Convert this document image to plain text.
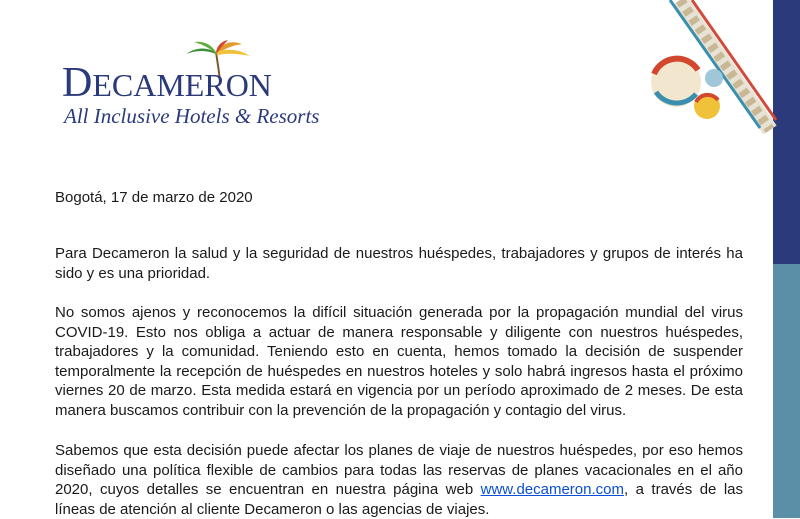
DECAMERON
All Inclusive Hotels & Resorts
Bogotá, 17 de marzo de 2020
Para Decameron la salud y la seguridad de nuestros huéspedes, trabajadores y grupos de interés ha sido y es una prioridad.
No somos ajenos y reconocemos la difícil situación generada por la propagación mundial del virus COVID-19. Esto nos obliga a actuar de manera responsable y diligente con nuestros huéspedes, trabajadores y la comunidad. Teniendo esto en cuenta, hemos tomado la decisión de suspender temporalmente la recepción de huéspedes en nuestros hoteles y solo habrá ingresos hasta el próximo viernes 20 de marzo. Esta medida estará en vigencia por un período aproximado de 2 meses. De esta manera buscamos contribuir con la prevención de la propagación y contagio del virus.
Sabemos que esta decisión puede afectar los planes de viaje de nuestros huéspedes, por eso hemos diseñado una política flexible de cambios para todas las reservas de planes vacacionales en el año 2020, cuyos detalles se encuentran en nuestra página web www.decameron.com, a través de las líneas de atención al cliente Decameron o las agencias de viajes.
